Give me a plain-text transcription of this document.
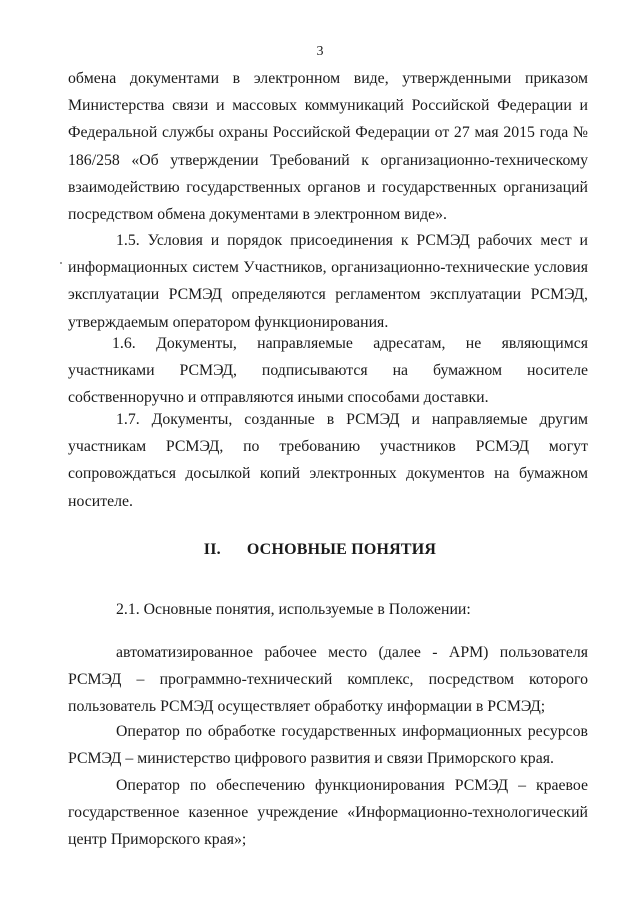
3

обмена документами в электронном виде, утвержденными приказом Министерства связи и массовых коммуникаций Российской Федерации и Федеральной службы охраны Российской Федерации от 27 мая 2015 года № 186/258 «Об утверждении Требований к организационно-техническому взаимодействию государственных органов и государственных организаций посредством обмена документами в электронном виде».

1.5. Условия и порядок присоединения к РСМЭД рабочих мест и информационных систем Участников, организационно-технические условия эксплуатации РСМЭД определяются регламентом эксплуатации РСМЭД, утверждаемым оператором функционирования.

1.6. Документы, направляемые адресатам, не являющимся участниками РСМЭД, подписываются на бумажном носителе собственноручно и отправляются иными способами доставки.

1.7. Документы, созданные в РСМЭД и направляемые другим участникам РСМЭД, по требованию участников РСМЭД могут сопровождаться досылкой копий электронных документов на бумажном носителе.

II. ОСНОВНЫЕ ПОНЯТИЯ

2.1. Основные понятия, используемые в Положении:

автоматизированное рабочее место (далее - АРМ) пользователя РСМЭД – программно-технический комплекс, посредством которого пользователь РСМЭД осуществляет обработку информации в РСМЭД;

Оператор по обработке государственных информационных ресурсов РСМЭД – министерство цифрового развития и связи Приморского края.

Оператор по обеспечению функционирования РСМЭД – краевое государственное казенное учреждение «Информационно-технологический центр Приморского края»;
